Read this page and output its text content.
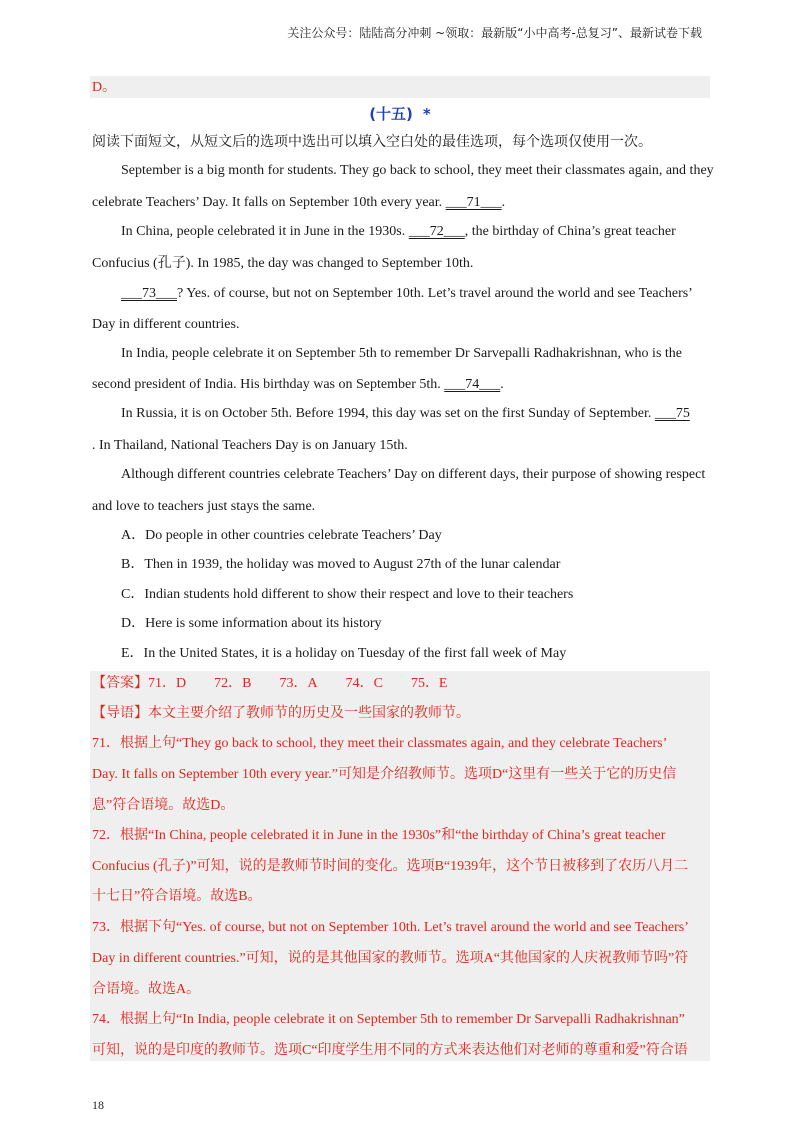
关注公众号：陆陆高分冲刺 ~领取：最新版“小中高考-总复习”、最新试卷下载
D。
(十五) *
阅读下面短文，从短文后的选项中选出可以填入空白处的最佳选项，每个选项仅使用一次。
September is a big month for students. They go back to school, they meet their classmates again, and they
celebrate Teachers’ Day. It falls on September 10th every year. ___71___.
In China, people celebrated it in June in the 1930s. ___72___, the birthday of China’s great teacher
Confucius (孔子). In 1985, the day was changed to September 10th.
___73___? Yes. of course, but not on September 10th. Let’s travel around the world and see Teachers’
Day in different countries.
In India, people celebrate it on September 5th to remember Dr Sarvepalli Radhakrishnan, who is the
second president of India. His birthday was on September 5th. ___74___.
In Russia, it is on October 5th. Before 1994, this day was set on the first Sunday of September. ___75
. In Thailand, National Teachers Day is on January 15th.
Although different countries celebrate Teachers’ Day on different days, their purpose of showing respect
and love to teachers just stays the same.
A．Do people in other countries celebrate Teachers’ Day
B．Then in 1939, the holiday was moved to August 27th of the lunar calendar
C．Indian students hold different to show their respect and love to their teachers
D．Here is some information about its history
E．In the United States, it is a holiday on Tuesday of the first fall week of May
【答案】71．D 72．B 73．A 74．C 75．E
【导语】本文主要介绍了教师节的历史及一些国家的教师节。
71．根据上句“They go back to school, they meet their classmates again, and they celebrate Teachers’
Day. It falls on September 10th every year.”可知是介绍教师节。选项D“这里有一些关于它的历史信
息”符合语境。故选D。
72．根据“In China, people celebrated it in June in the 1930s”和“the birthday of China’s great teacher
Confucius (孔子)”可知，说的是教师节时间的变化。选项B“1939年，这个节日被移到了农历八月二
十七日”符合语境。故选B。
73．根据下句“Yes. of course, but not on September 10th. Let’s travel around the world and see Teachers’
Day in different countries.”可知，说的是其他国家的教师节。选项A“其他国家的人庆祝教师节吗”符
合语境。故选A。
74．根据上句“In India, people celebrate it on September 5th to remember Dr Sarvepalli Radhakrishnan”
可知，说的是印度的教师节。选项C“印度学生用不同的方式来表达他们对老师的尊重和爱”符合语
18
